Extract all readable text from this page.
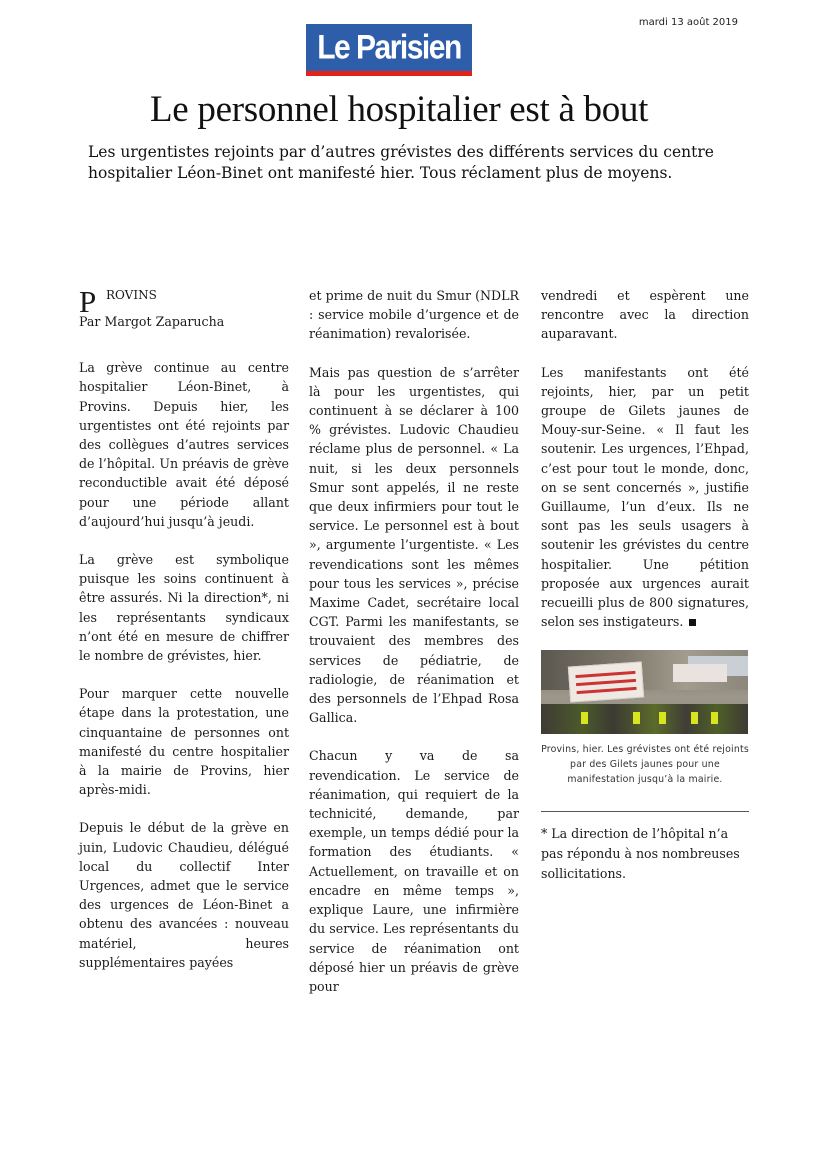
mardi 13 août 2019
Le Parisien
Le personnel hospitalier est à bout

Les urgentistes rejoints par d’autres grévistes des différents services du centre hospitalier Léon-Binet ont manifesté hier. Tous réclament plus de moyens.

P ROVINS

Par Margot Zaparucha

La grève continue au centre hospitalier Léon-Binet, à Provins. Depuis hier, les urgentistes ont été rejoints par des collègues d’autres services de l’hôpital. Un préavis de grève reconductible avait été déposé pour une période allant d’aujourd’hui jusqu’à jeudi.

La grève est symbolique puisque les soins continuent à être assurés. Ni la direction*, ni les représentants syndicaux n’ont été en mesure de chiffrer le nombre de grévistes, hier.

Pour marquer cette nouvelle étape dans la protestation, une cinquantaine de personnes ont manifesté du centre hospitalier à la mairie de Provins, hier après-midi.

Depuis le début de la grève en juin, Ludovic Chaudieu, délégué local du collectif Inter Urgences, admet que le service des urgences de Léon-Binet a obtenu des avancées : nouveau matériel, heures supplémentaires payées

et prime de nuit du Smur (NDLR : service mobile d’urgence et de réanimation) revalorisée.

Mais pas question de s’arrêter là pour les urgentistes, qui continuent à se déclarer à 100 % grévistes. Ludovic Chaudieu réclame plus de personnel. « La nuit, si les deux personnels Smur sont appelés, il ne reste que deux infirmiers pour tout le service. Le personnel est à bout », argumente l’urgentiste. « Les revendications sont les mêmes pour tous les services », précise Maxime Cadet, secrétaire local CGT. Parmi les manifestants, se trouvaient des membres des services de pédiatrie, de radiologie, de réanimation et des personnels de l’Ehpad Rosa Gallica.

Chacun y va de sa revendication. Le service de réanimation, qui requiert de la technicité, demande, par exemple, un temps dédié pour la formation des étudiants. « Actuellement, on travaille et on encadre en même temps », explique Laure, une infirmière du service. Les représentants du service de réanimation ont déposé hier un préavis de grève pour

vendredi et espèrent une rencontre avec la direction auparavant.

Les manifestants ont été rejoints, hier, par un petit groupe de Gilets jaunes de Mouy-sur-Seine. « Il faut les soutenir. Les urgences, l’Ehpad, c’est pour tout le monde, donc, on se sent concernés », justifie Guillaume, l’un d’eux. Ils ne sont pas les seuls usagers à soutenir les grévistes du centre hospitalier. Une pétition proposée aux urgences aurait recueilli plus de 800 signatures, selon ses instigateurs.

Provins, hier. Les grévistes ont été rejoints par des Gilets jaunes pour une manifestation jusqu’à la mairie.
* La direction de l’hôpital n’a pas répondu à nos nombreuses sollicitations.
